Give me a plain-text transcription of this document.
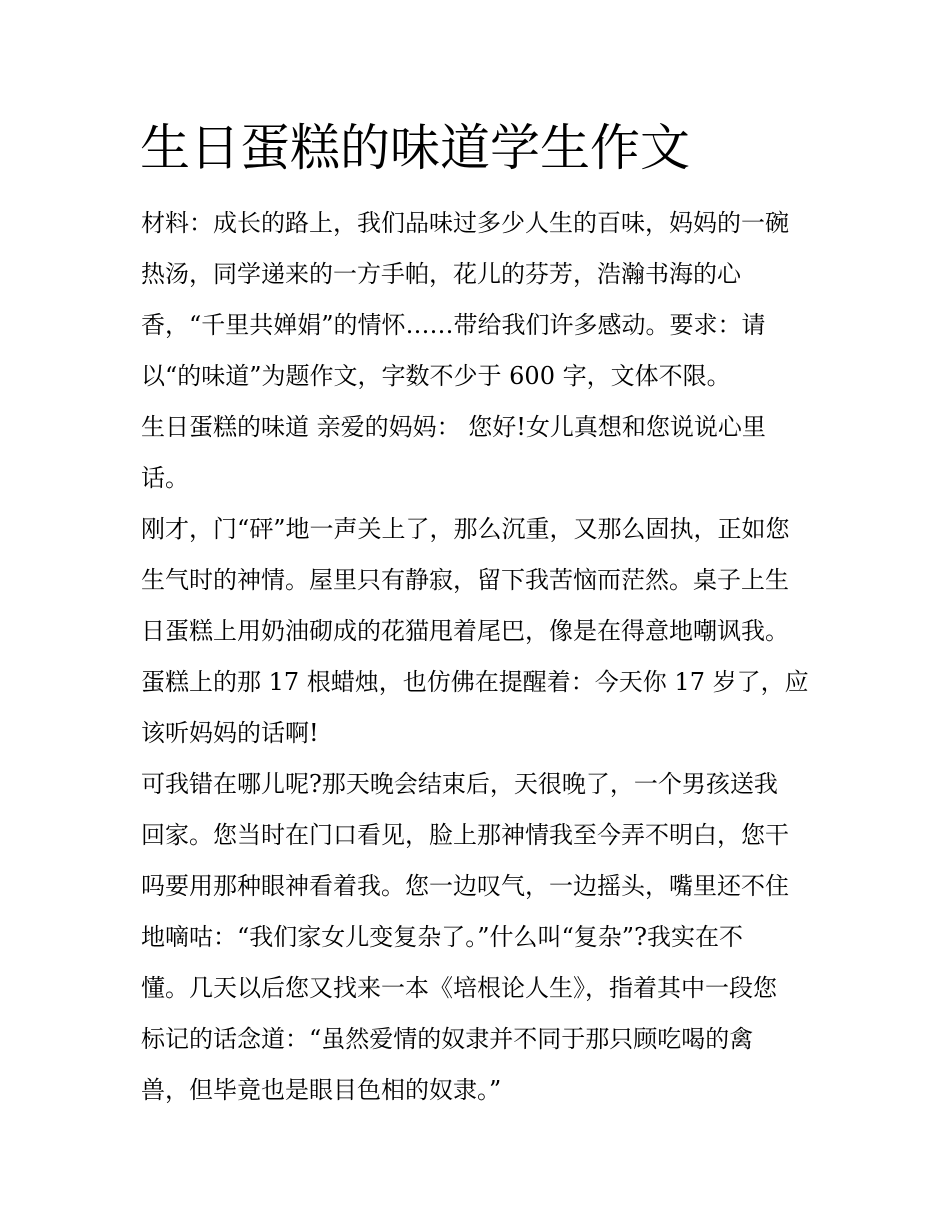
生日蛋糕的味道学生作文

材料：成长的路上，我们品味过多少人生的百味，妈妈的一碗

热汤，同学递来的一方手帕，花儿的芬芳，浩瀚书海的心

香，“千里共婵娟”的情怀……带给我们许多感动。要求：请

以“的味道”为题作文，字数不少于 600 字，文体不限。

生日蛋糕的味道 亲爱的妈妈： 您好!女儿真想和您说说心里

话。

刚才，门“砰”地一声关上了，那么沉重，又那么固执，正如您

生气时的神情。屋里只有静寂，留下我苦恼而茫然。桌子上生

日蛋糕上用奶油砌成的花猫甩着尾巴，像是在得意地嘲讽我。

蛋糕上的那 17 根蜡烛，也仿佛在提醒着：今天你 17 岁了，应

该听妈妈的话啊!

可我错在哪儿呢?那天晚会结束后，天很晚了，一个男孩送我

回家。您当时在门口看见，脸上那神情我至今弄不明白，您干

吗要用那种眼神看着我。您一边叹气，一边摇头，嘴里还不住

地嘀咕：“我们家女儿变复杂了。”什么叫“复杂”?我实在不

懂。几天以后您又找来一本《培根论人生》，指着其中一段您

标记的话念道：“虽然爱情的奴隶并不同于那只顾吃喝的禽

兽，但毕竟也是眼目色相的奴隶。”
